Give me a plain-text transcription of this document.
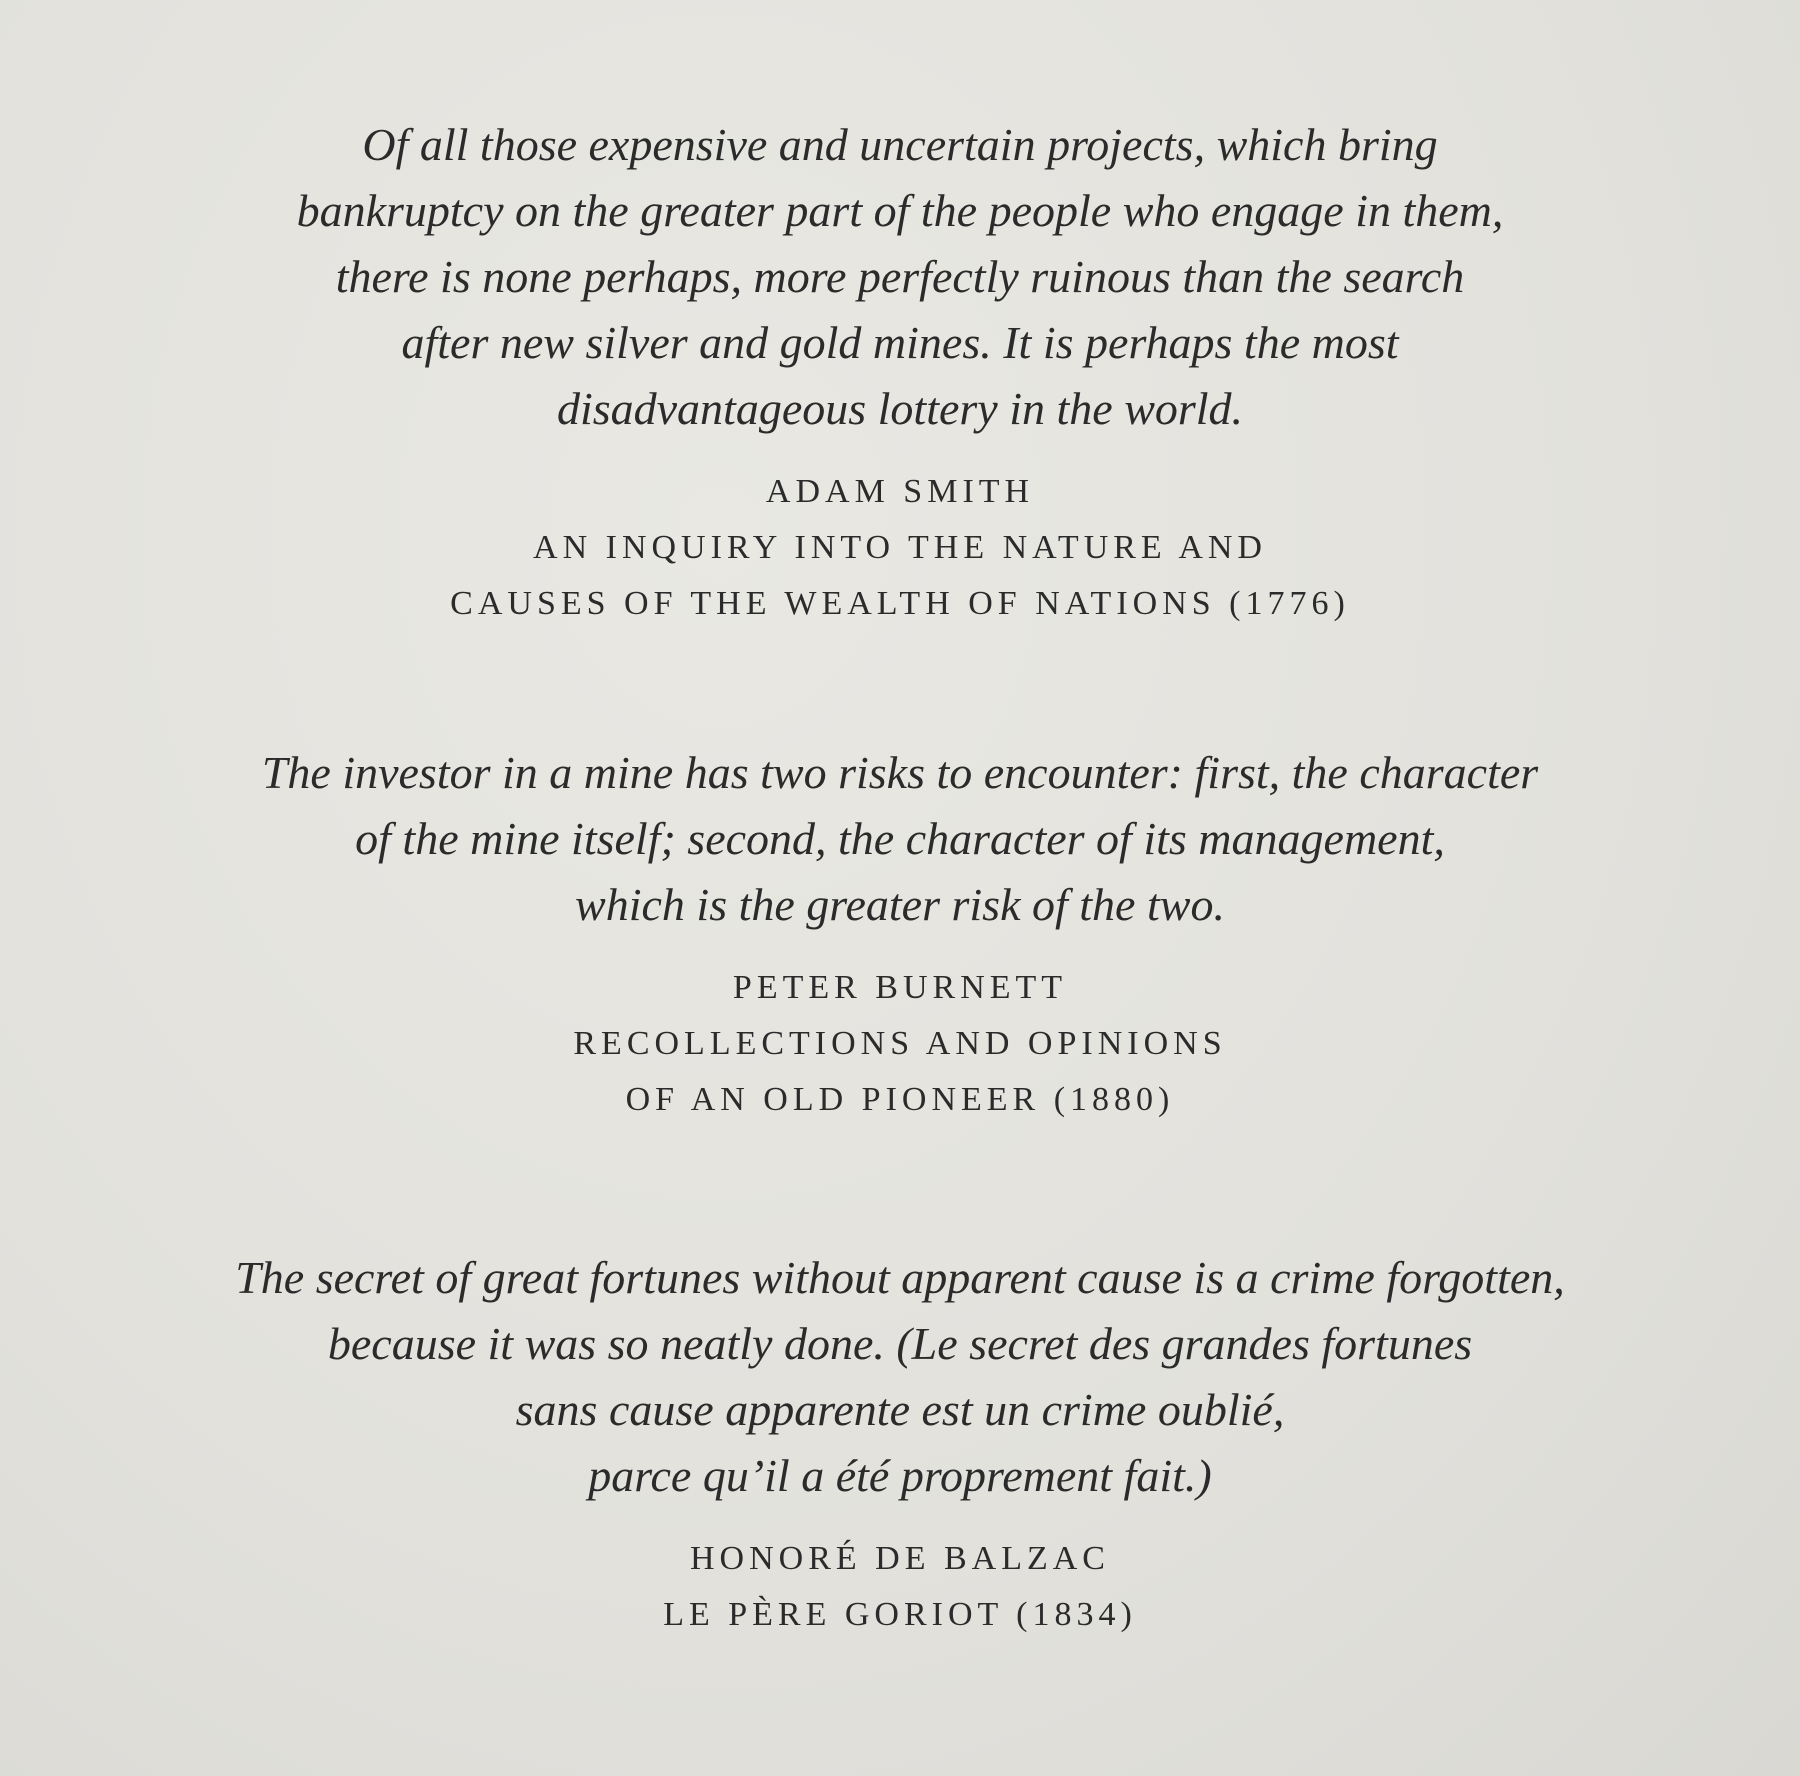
Of all those expensive and uncertain projects, which bring
bankruptcy on the greater part of the people who engage in them,
there is none perhaps, more perfectly ruinous than the search
after new silver and gold mines. It is perhaps the most
disadvantageous lottery in the world.
ADAM SMITH
AN INQUIRY INTO THE NATURE AND
CAUSES OF THE WEALTH OF NATIONS (1776)
The investor in a mine has two risks to encounter: first, the character
of the mine itself; second, the character of its management,
which is the greater risk of the two.
PETER BURNETT
RECOLLECTIONS AND OPINIONS
OF AN OLD PIONEER (1880)
The secret of great fortunes without apparent cause is a crime forgotten,
because it was so neatly done. (Le secret des grandes fortunes
sans cause apparente est un crime oublié,
parce qu’il a été proprement fait.)
HONORÉ DE BALZAC
LE PÈRE GORIOT (1834)
